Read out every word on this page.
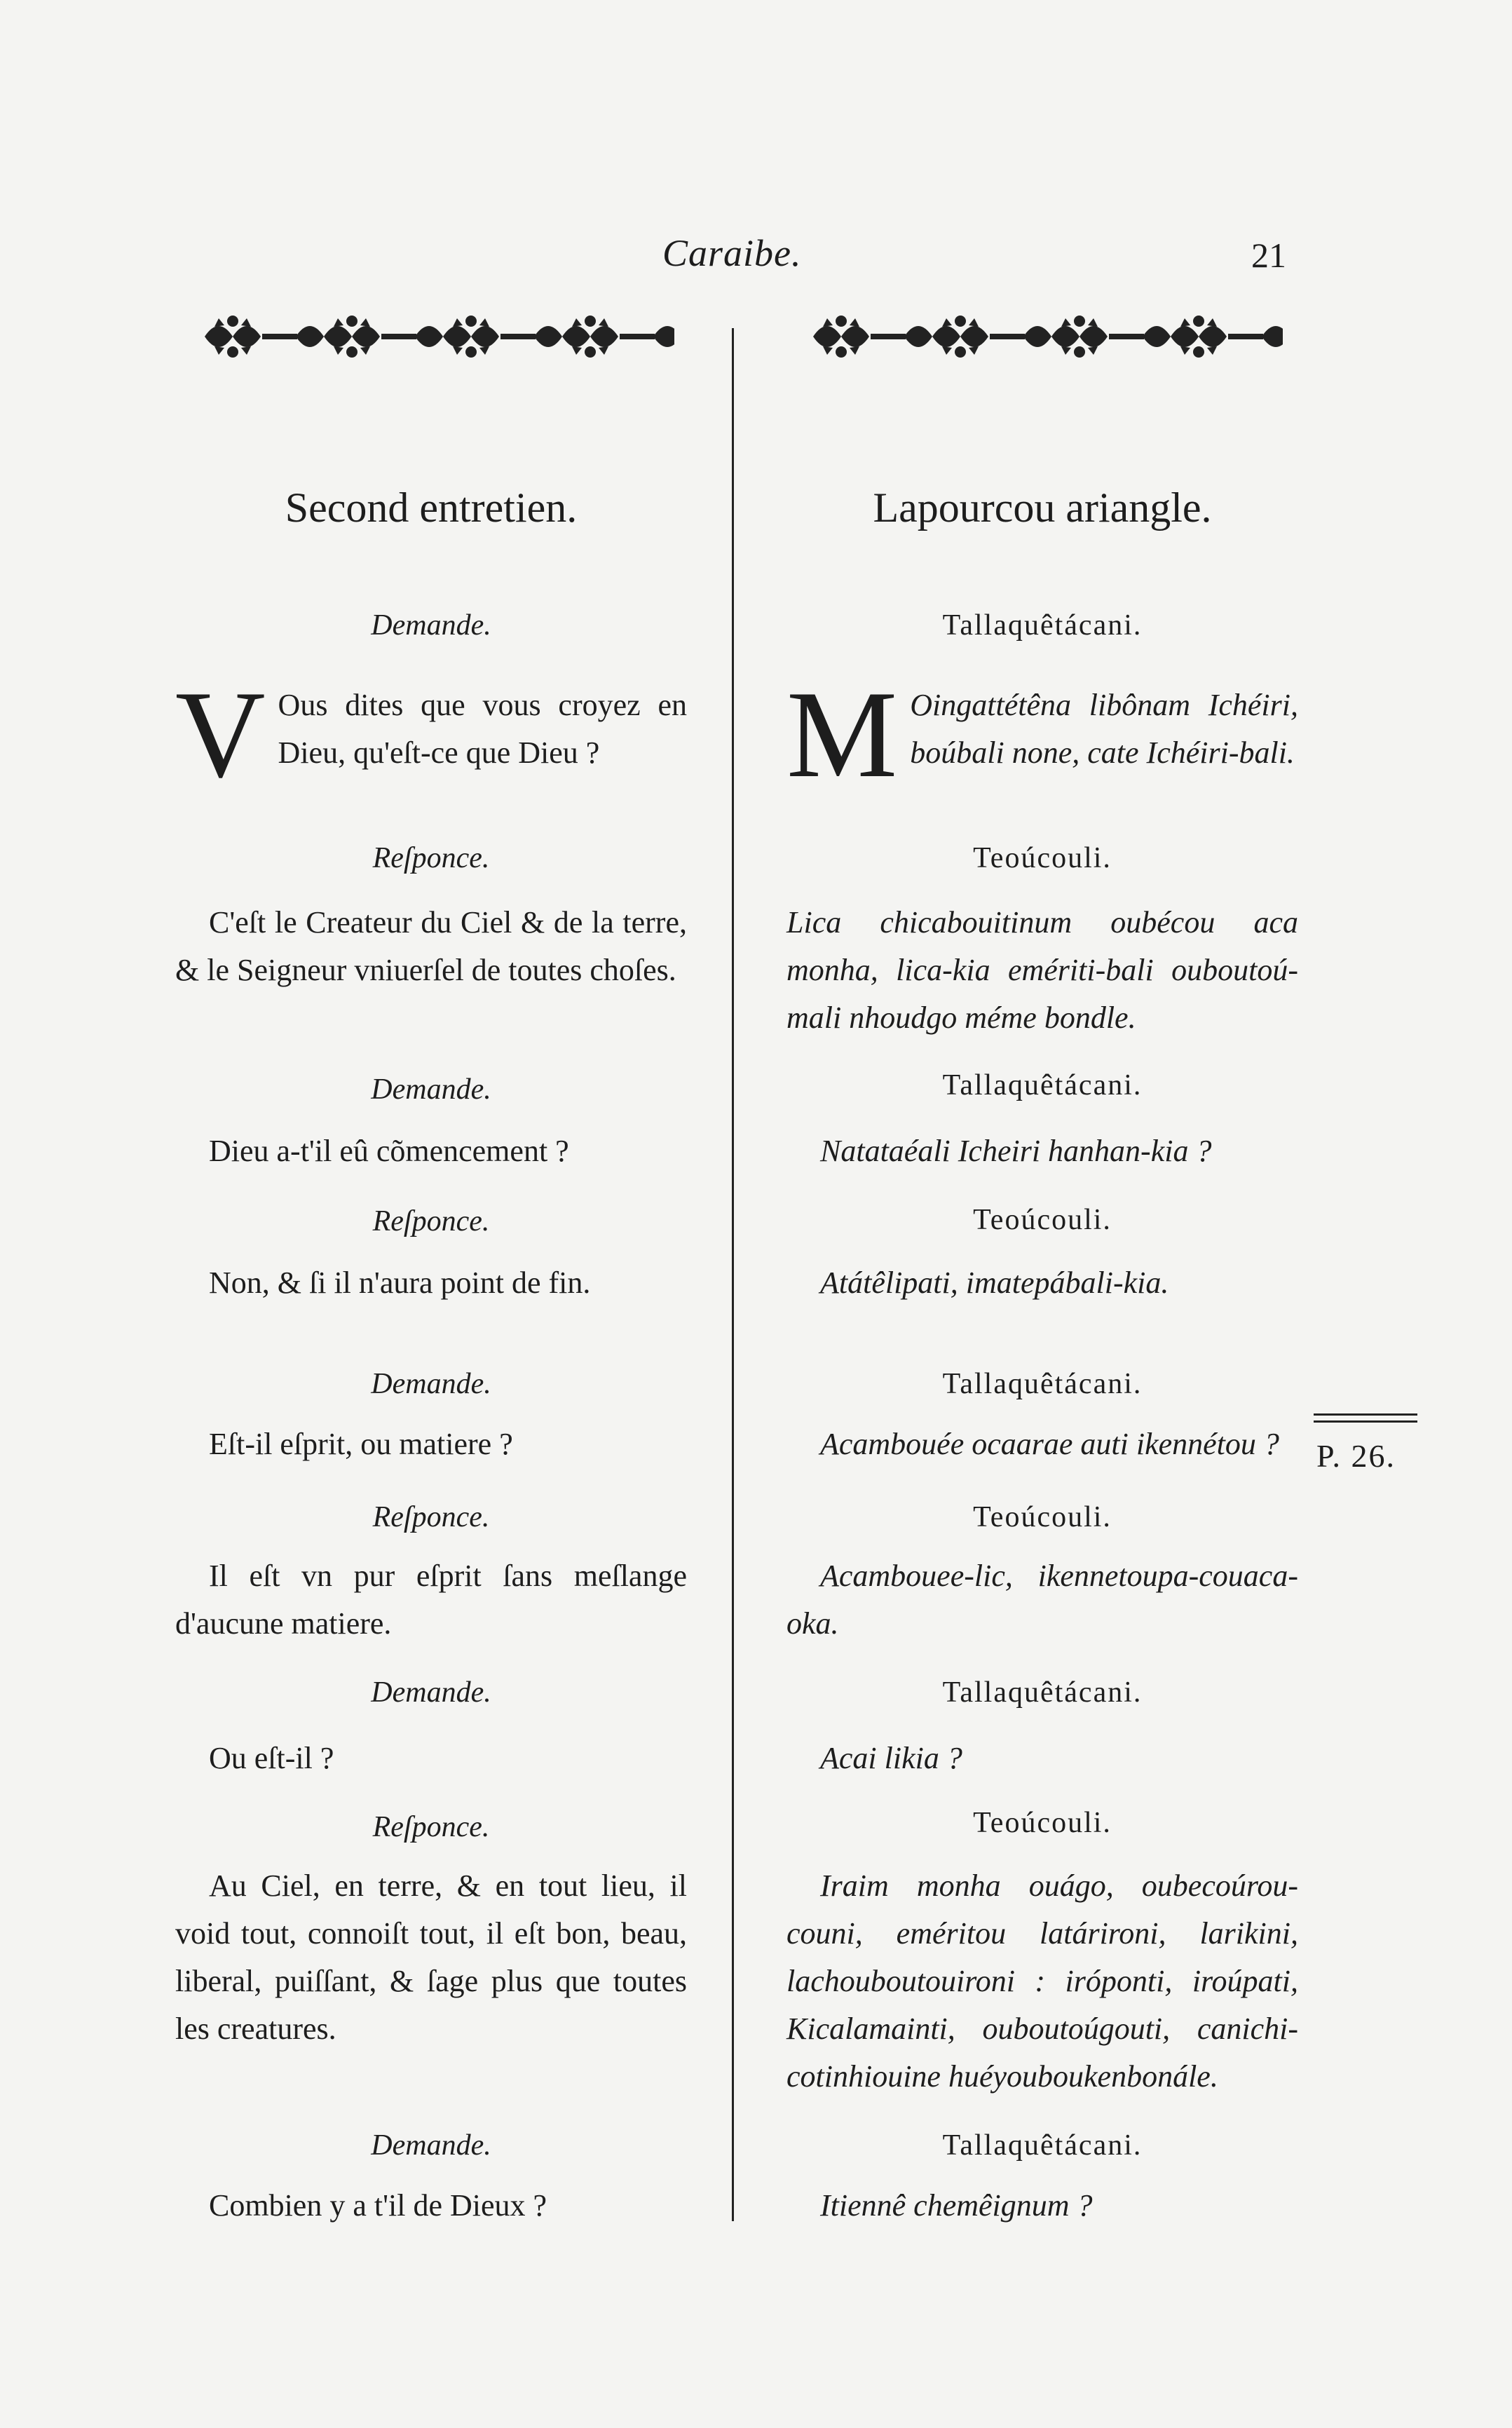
Caraibe.	21
Second entretien.
Demande.
V Ous dites que vous croyez en Dieu, qu'eſt-ce que Dieu ?
Reſponce.
C'eſt le Createur du Ciel & de la terre, & le Seigneur vniuerſel de toutes choſes.
Demande.
Dieu a-t'il eû cõmencement ?
Reſponce.
Non, & ſi il n'aura point de fin.
Demande.
Eſt-il eſprit, ou matiere ?
Reſponce.
Il eſt vn pur eſprit ſans meſlange d'aucune matiere.
Demande.
Ou eſt-il ?
Reſponce.
Au Ciel, en terre, & en tout lieu, il void tout, connoiſt tout, il eſt bon, beau, liberal, puiſſant, & ſage plus que toutes les creatures.
Demande.
Combien y a t'il de Dieux ?
Lapourcou ariangle.
Tallaquêtácani.
M Oingattétêna libônam Ichéiri, boúbali none, cate Ichéiri-bali.
Teoúcouli.
Lica chicabouitinum oubécou aca monha, lica-kia emériti-bali ouboutoú-mali nhoudgo méme bondle.
Tallaquêtácani.
Natataéali Icheiri hanhan-kia ?
Teoúcouli.
Atátêlipati, imatepábali-kia.
Tallaquêtácani.
Acambouée ocaarae auti ikennétou ?
Teoúcouli.
Acambouee-lic, ikennetoupa-couaca-oka.
Tallaquêtácani.
Acai likia ?
Teoúcouli.
Iraim monha ouágo, oubecoúrou-couni, eméritou latárironi, larikini, lachouboutouironi : iróponti, iroúpati, Kicalamainti, ouboutoúgouti, canichi-cotinhiouine huéyouboukenbonále.
Tallaquêtácani.
Itiennê chemêignum ?
P. 26.
